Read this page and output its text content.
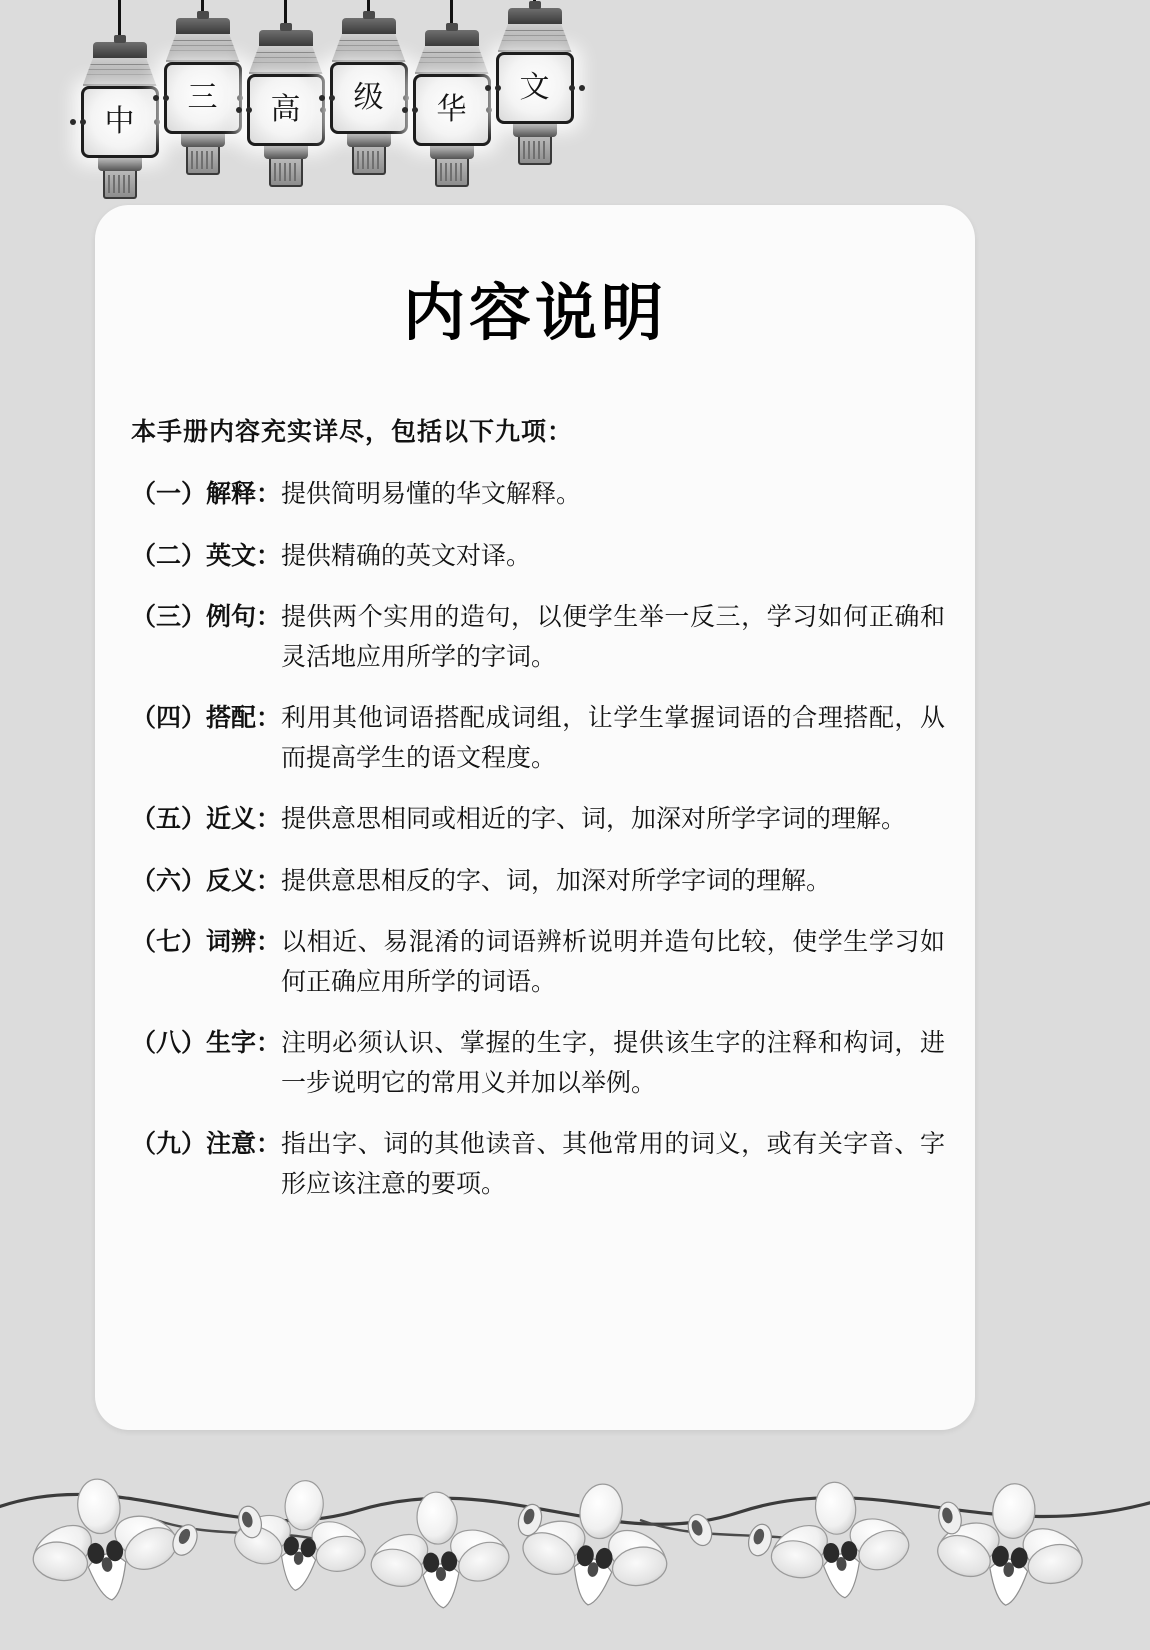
中
三 高 级 华
文
内容说明

本手册内容充实详尽，包括以下九项：

（一）解释： 提供简明易懂的华文解释。
（二）英文： 提供精确的英文对译。
（三）例句： 提供两个实用的造句，以便学生举一反三，学习如何正确和灵活地应用所学的字词。
（四）搭配： 利用其他词语搭配成词组，让学生掌握词语的合理搭配，从而提高学生的语文程度。
（五）近义： 提供意思相同或相近的字、词，加深对所学字词的理解。
（六）反义： 提供意思相反的字、词，加深对所学字词的理解。
（七）词辨： 以相近、易混淆的词语辨析说明并造句比较，使学生学习如何正确应用所学的词语。
（八）生字： 注明必须认识、掌握的生字，提供该生字的注释和构词，进一步说明它的常用义并加以举例。
（九）注意： 指出字、词的其他读音、其他常用的词义，或有关字音、字形应该注意的要项。
